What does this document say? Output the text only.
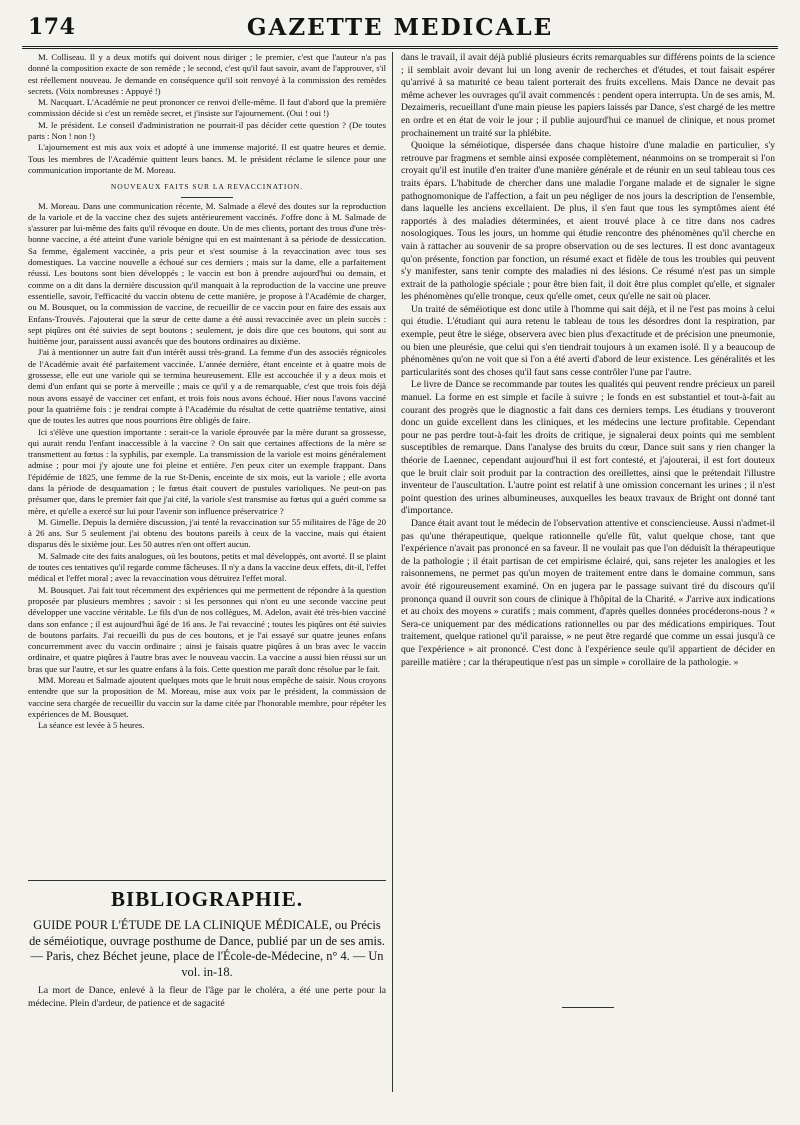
174	GAZETTE MEDICALE

M. Colliseau. Il y a deux motifs qui doivent nous diriger ; le premier, c'est que l'auteur n'a pas donné la composition exacte de son remède ; le second, c'est qu'il faut savoir, avant de l'approuver, s'il est réellement nouveau. Je demande en conséquence qu'il soit renvoyé à la commission des remèdes secrets. (Voix nombreuses : Appuyé !)

M. Nacquart. L'Académie ne peut prononcer ce renvoi d'elle-même. Il faut d'abord que la première commission décide si c'est un remède secret, et j'insiste sur l'ajournement. (Oui ! oui !)

M. le président. Le conseil d'administration ne pourrait-il pas décider cette question ? (De toutes parts : Non ! non !)

L'ajournement est mis aux voix et adopté à une immense majorité. Il est quatre heures et demie. Tous les membres de l'Académie quittent leurs bancs. M. le président réclame le silence pour une communication importante de M. Moreau.

NOUVEAUX FAITS SUR LA REVACCINATION.

M. Moreau. Dans une communication récente, M. Salmade a élevé des doutes sur la reproduction de la variole et de la vaccine chez des sujets antérieurement vaccinés. J'offre donc à M. Salmade de s'assurer par lui-même des faits qu'il révoque en doute. Un de mes clients, portant des trous d'une très-bonne vaccine, a été atteint d'une variole bénigne qui en est maintenant à sa période de dessiccation. Sa femme, également vaccinée, a pris peur et s'est soumise à la revaccination avec tous ses domestiques. La vaccine nouvelle a échoué sur ces derniers ; mais sur la dame, elle a parfaitement réussi. Les boutons sont bien développés ; le vaccin est bon à prendre aujourd'hui ou demain, et comme on a dit dans la dernière discussion qu'il manquait à la reproduction de la vaccine une preuve essentielle, savoir, l'efficacité du vaccin obtenu de cette manière, je propose à l'Académie de charger, ou M. Bousquet, ou la commission de vaccine, de recueillir de ce vaccin pour en faire des essais aux Enfans-Trouvés. J'ajouterai que la sœur de cette dame a été aussi revaccinée avec un plein succès : sept piqûres ont été suivies de sept boutons ; seulement, je dois dire que ces boutons, qui sont au huitième jour, paraissent aussi avancés que des boutons ordinaires au dixième.

J'ai à mentionner un autre fait d'un intérêt aussi très-grand. La femme d'un des associés régnicoles de l'Académie avait été parfaitement vaccinée. L'année dernière, étant enceinte et à quatre mois de grossesse, elle eut une variole qui se termina heureusement. Elle est accouchée il y a deux mois et demi d'un enfant qui se porte à merveille ; mais ce qu'il y a de remarquable, c'est que trois fois déjà nous avons essayé de vacciner cet enfant, et trois fois nous avons échoué. Hier nous l'avons vacciné pour la quatrième fois : je rendrai compte à l'Académie du résultat de cette quatrième tentative, ainsi que de toutes les autres que nous pourrions être obligés de faire.

Ici s'élève une question importante : serait-ce la variole éprouvée par la mère durant sa grossesse, qui aurait rendu l'enfant inaccessible à la vaccine ? On sait que certaines affections de la mère se transmettent au fœtus : la syphilis, par exemple. La transmission de la variole est moins généralement admise ; pour moi j'y ajoute une foi pleine et entière. J'en peux citer un exemple frappant. Dans l'épidémie de 1825, une femme de la rue St-Denis, enceinte de six mois, eut la variole ; elle avorta dans la période de desquamation ; le fœtus était couvert de pustules varioliques. Ne peut-on pas présumer que, dans le premier fait que j'ai cité, la variole s'est transmise au fœtus qui a guéri comme sa mère, et qu'elle a exercé sur lui pour l'avenir son influence préservatrice ?

M. Gimelle. Depuis la dernière discussion, j'ai tenté la revaccination sur 55 militaires de l'âge de 20 à 26 ans. Sur 5 seulement j'ai obtenu des boutons pareils à ceux de la vaccine, mais qui étaient disparus dès le sixième jour. Les 50 autres n'en ont offert aucun.

M. Salmade cite des faits analogues, où les boutons, petits et mal développés, ont avorté. Il se plaint de toutes ces tentatives qu'il regarde comme fâcheuses. Il n'y a dans la vaccine deux effets, dit-il, l'effet médical et l'effet moral ; avec la revaccination vous détruirez l'effet moral.

M. Bousquet. J'ai fait tout récemment des expériences qui me permettent de répondre à la question proposée par plusieurs membres ; savoir : si les personnes qui n'ont eu une seconde vaccine peut développer une vaccine véritable. Le fils d'un de nos collègues, M. Adelon, avait été très-bien vacciné dans son enfance ; il est aujourd'hui âgé de 16 ans. Je l'ai revacciné ; toutes les piqûres ont été suivies de boutons parfaits. J'ai recueilli du pus de ces boutons, et je l'ai essayé sur quatre jeunes enfans concurremment avec du vaccin ordinaire ; ainsi je faisais quatre piqûres à un bras avec le vaccin ordinaire, et quatre piqûres à l'autre bras avec le nouveau vaccin. La vaccine a aussi bien réussi sur un bras que sur l'autre, et sur les quatre enfans à la fois. Cette question me paraît donc résolue par le fait.

MM. Moreau et Salmade ajoutent quelques mots que le bruit nous empêche de saisir. Nous croyons entendre que sur la proposition de M. Moreau, mise aux voix par le président, la commission de vaccine sera chargée de recueillir du vaccin sur la dame citée par l'honorable membre, pour répéter les expériences de M. Bousquet.

La séance est levée à 5 heures.

BIBLIOGRAPHIE.
GUIDE POUR L'ÉTUDE DE LA CLINIQUE MÉDICALE, ou Précis de séméiotique, ouvrage posthume de Dance, publié par un de ses amis. — Paris, chez Béchet jeune, place de l'École-de-Médecine, n° 4. — Un vol. in-18.

La mort de Dance, enlevé à la fleur de l'âge par le choléra, a été une perte pour la médecine. Plein d'ardeur, de patience et de sagacité

dans le travail, il avait déjà publié plusieurs écrits remarquables sur différens points de la science ; il semblait avoir devant lui un long avenir de recherches et d'études, et tout faisait espérer qu'arrivé à sa maturité ce beau talent porterait des fruits excellens. Mais Dance ne devait pas même achever les ouvrages qu'il avait commencés : pendent opera interrupta. Un de ses amis, M. Dezaimeris, recueillant d'une main pieuse les papiers laissés par Dance, s'est chargé de les mettre en ordre et en état de voir le jour ; il publie aujourd'hui ce manuel de clinique, et nous promet prochainement un traité sur la phlébite.

Quoique la séméiotique, dispersée dans chaque histoire d'une maladie en particulier, s'y retrouve par fragmens et semble ainsi exposée complètement, néanmoins on se tromperait si l'on croyait qu'il est inutile d'en traiter d'une manière générale et de réunir en un seul tableau tous ces traits épars. L'habitude de chercher dans une maladie l'organe malade et de signaler le signe pathognomonique de l'affection, a fait un peu négliger de nos jours la description de l'ensemble, dans laquelle les anciens excellaient. De plus, il s'en faut que tous les symptômes aient été rapportés à des maladies déterminées, et aient trouvé place à ce titre dans nos cadres nosologiques. Tous les jours, un homme qui étudie rencontre des phénomènes qu'il cherche en vain à rattacher au souvenir de sa propre observation ou de ses lectures. Il est donc avantageux qu'on présente, fonction par fonction, un résumé exact et fidèle de tous les troubles qui peuvent s'y manifester, sans tenir compte des maladies ni des lésions. Ce résumé n'est pas un simple extrait de la pathologie spéciale ; pour être bien fait, il doit être plus complet qu'elle, et signaler les phénomènes qu'elle tronque, ceux qu'elle omet, ceux qu'elle ne sait où placer.

Un traité de séméiotique est donc utile à l'homme qui sait déjà, et il ne l'est pas moins à celui qui étudie. L'étudiant qui aura retenu le tableau de tous les désordres dont la respiration, par exemple, peut être le siége, observera avec bien plus d'exactitude et de précision une pneumonie, ou bien une pleurésie, que celui qui s'en tiendrait toujours à un examen isolé. Il y a beaucoup de phénomènes qu'on ne voit que si l'on a été averti d'abord de leur existence. Les généralités et les particularités sont des choses qu'il faut sans cesse contrôler l'une par l'autre.

Le livre de Dance se recommande par toutes les qualités qui peuvent rendre précieux un pareil manuel. La forme en est simple et facile à suivre ; le fonds en est substantiel et tout-à-fait au courant des progrès que le diagnostic a fait dans ces derniers temps. Les étudians y trouveront donc un guide excellent dans les cliniques, et les médecins une lecture profitable. Cependant pour ne pas perdre tout-à-fait les droits de critique, je signalerai deux points qui me semblent susceptibles de remarque. Dans l'analyse des bruits du cœur, Dance suit sans y rien changer la théorie de Laennec, cependant aujourd'hui il est fort contesté, et j'ajouterai, il est fort douteux que le bruit clair soit produit par la contraction des oreillettes, ainsi que le prétendait l'illustre inventeur de l'auscultation. L'autre point est relatif à une omission concernant les urines ; il n'est point question des urines albumineuses, auxquelles les beaux travaux de Bright ont donné tant d'importance.

Dance était avant tout le médecin de l'observation attentive et consciencieuse. Aussi n'admet-il pas qu'une thérapeutique, quelque rationnelle qu'elle fût, valut quelque chose, tant que l'expérience n'avait pas prononcé en sa faveur. Il ne voulait pas que l'on déduisît la thérapeutique de la pathologie ; il était partisan de cet empirisme éclairé, qui, sans rejeter les analogies et les raisonnemens, ne permet pas qu'un moyen de traitement entre dans le domaine commun, sans avoir été rigoureusement examiné. On en jugera par le passage suivant tiré du discours qu'il prononça quand il ouvrit son cours de clinique à l'hôpital de la Charité. « J'arrive aux indications et au choix des moyens » curatifs ; mais comment, d'après quelles données procéderons-nous ? « Sera-ce uniquement par des médications rationnelles ou par des médications empiriques. Tout traitement, quelque rationel qu'il paraisse, » ne peut être regardé que comme un essai jusqu'à ce que l'expérience » ait prononcé. C'est donc à l'expérience seule qu'il appartient de décider en pareille matière ; car la thérapeutique n'est pas un simple » corollaire de la pathologie. »
